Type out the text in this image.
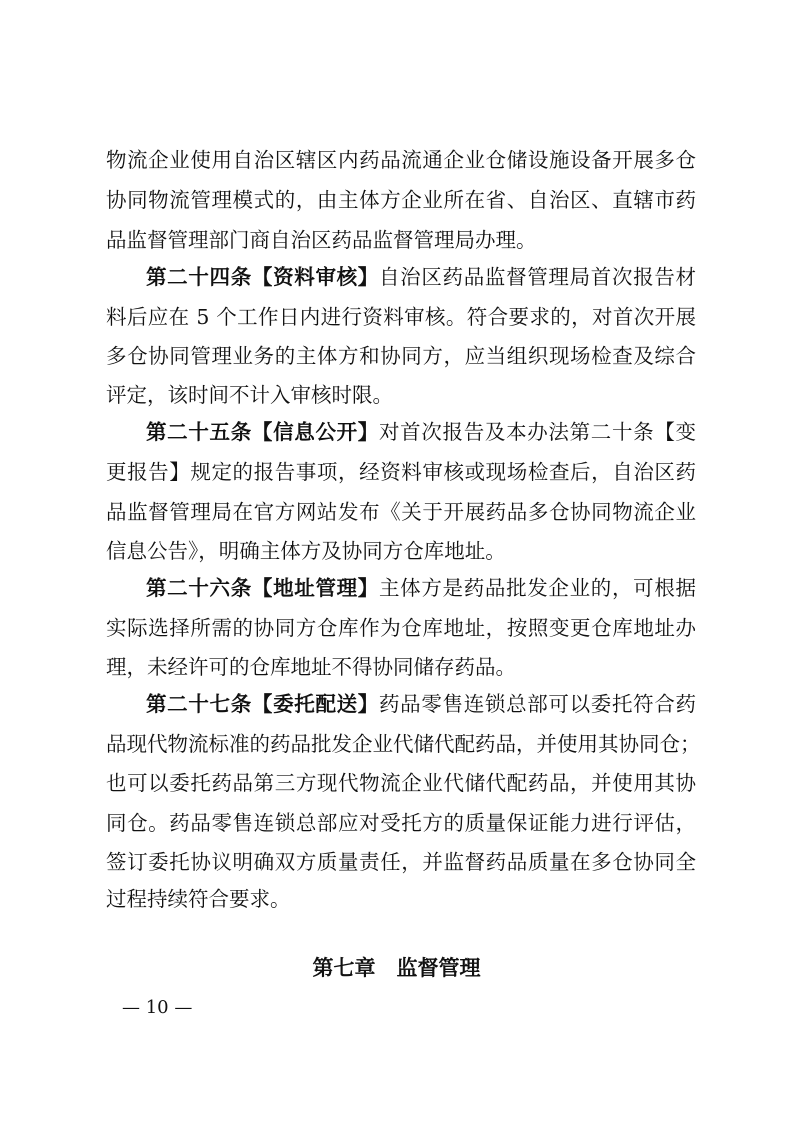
物流企业使用自治区辖区内药品流通企业仓储设施设备开展多仓
协同物流管理模式的，由主体方企业所在省、自治区、直辖市药
品监督管理部门商自治区药品监督管理局办理。
第二十四条【资料审核】自治区药品监督管理局首次报告材
料后应在 5 个工作日内进行资料审核。符合要求的，对首次开展
多仓协同管理业务的主体方和协同方，应当组织现场检查及综合
评定，该时间不计入审核时限。
第二十五条【信息公开】对首次报告及本办法第二十条【变
更报告】规定的报告事项，经资料审核或现场检查后，自治区药
品监督管理局在官方网站发布《关于开展药品多仓协同物流企业
信息公告》，明确主体方及协同方仓库地址。
第二十六条【地址管理】主体方是药品批发企业的，可根据
实际选择所需的协同方仓库作为仓库地址，按照变更仓库地址办
理，未经许可的仓库地址不得协同储存药品。
第二十七条【委托配送】药品零售连锁总部可以委托符合药
品现代物流标准的药品批发企业代储代配药品，并使用其协同仓；
也可以委托药品第三方现代物流企业代储代配药品，并使用其协
同仓。药品零售连锁总部应对受托方的质量保证能力进行评估，
签订委托协议明确双方质量责任，并监督药品质量在多仓协同全
过程持续符合要求。
第七章　监督管理
— 10 —
